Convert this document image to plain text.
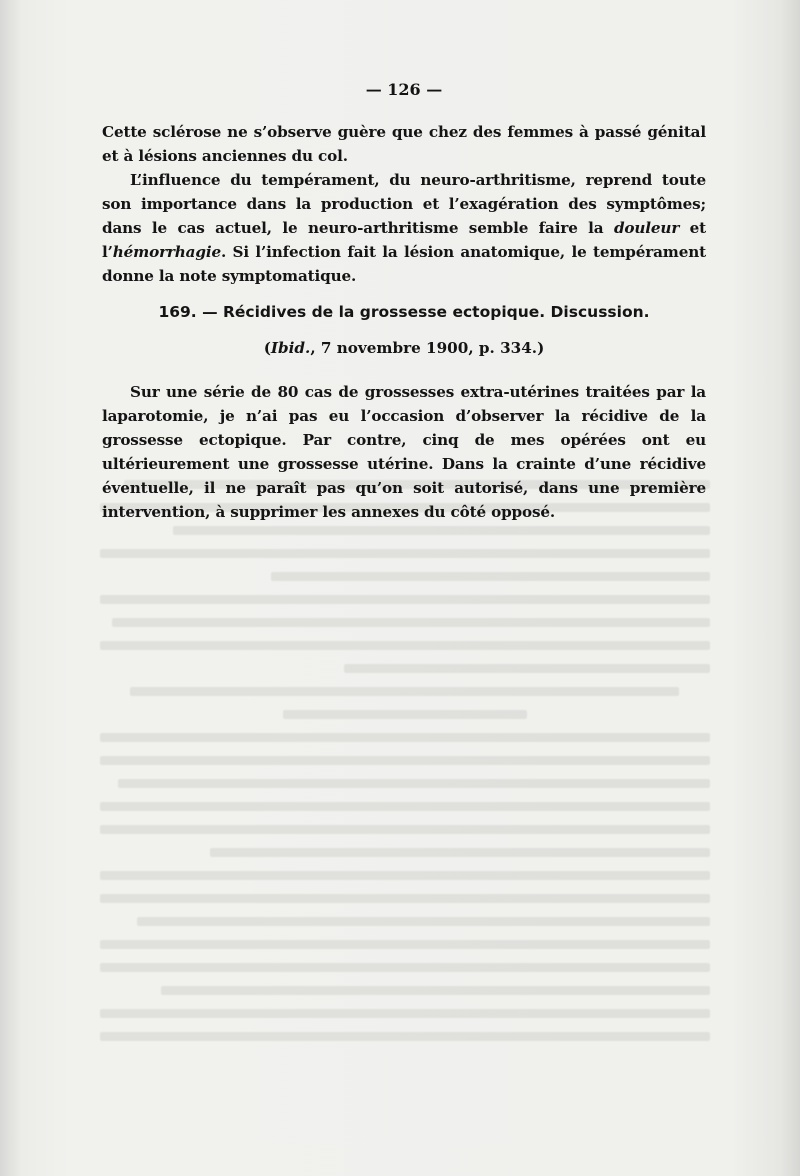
— 126 —

Cette sclérose ne s’observe guère que chez des femmes à passé génital et à lésions anciennes du col.

L’influence du tempérament, du neuro-arthritisme, reprend toute son importance dans la production et l’exagération des symptômes; dans le cas actuel, le neuro-arthritisme semble faire la douleur et l’hémorrhagie. Si l’infection fait la lésion anatomique, le tempérament donne la note symptomatique.

169. — Récidives de la grossesse ectopique. Discussion.
(Ibid., 7 novembre 1900, p. 334.)

Sur une série de 80 cas de grossesses extra-utérines traitées par la laparotomie, je n’ai pas eu l’occasion d’observer la récidive de la grossesse ectopique. Par contre, cinq de mes opérées ont eu ultérieurement une grossesse utérine. Dans la crainte d’une récidive éventuelle, il ne paraît pas qu’on soit autorisé, dans une première intervention, à supprimer les annexes du côté opposé.
